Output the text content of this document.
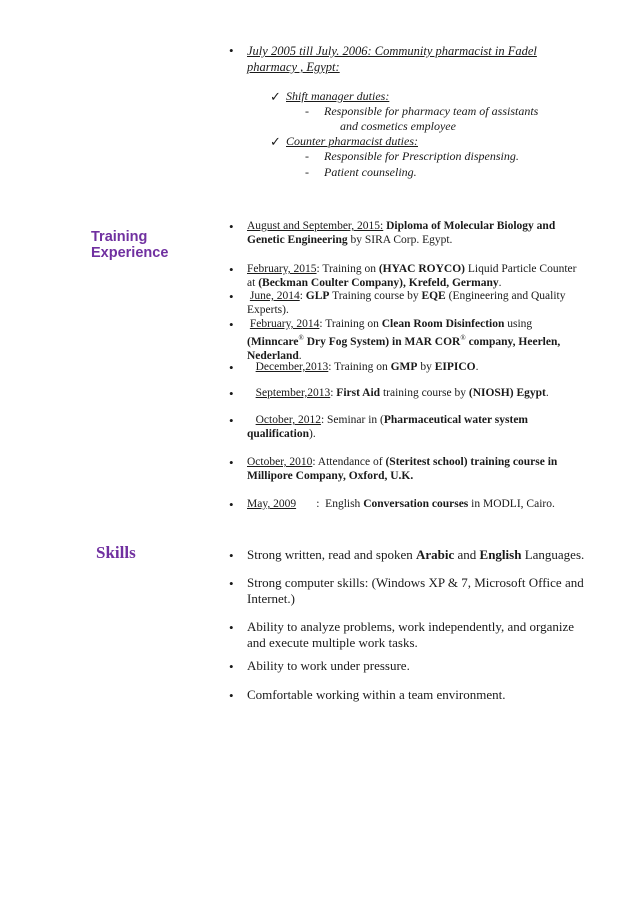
• July 2005 till July. 2006: Community pharmacist in Fadel
pharmacy , Egypt:
✓ Shift manager duties:
- Responsible for pharmacy team of assistants
and cosmetics employee
✓ Counter pharmacist duties:
- Responsible for Prescription dispensing.
- Patient counseling.
Training
Experience
• August and September, 2015: Diploma of Molecular Biology and
Genetic Engineering by SIRA Corp. Egypt.
• February, 2015: Training on (HYAC ROYCO) Liquid Particle Counter
at (Beckman Coulter Company), Krefeld, Germany.
• June, 2014: GLP Training course by EQE (Engineering and Quality
Experts).
• February, 2014: Training on Clean Room Disinfection using
(Minncare® Dry Fog System) in MAR COR® company, Heerlen,
Nederland.
•	December,2013: Training on GMP by EIPICO.
•	September,2013: First Aid training course by (NIOSH) Egypt.
•	October, 2012: Seminar in (Pharmaceutical water system
qualification).
• October, 2010: Attendance of (Steritest school) training course in
Millipore Company, Oxford, U.K.
• May, 2009       :  English Conversation courses in MODLI, Cairo.
Skills	• Strong written, read and spoken Arabic and English Languages.
• Strong computer skills: (Windows XP & 7, Microsoft Office and
Internet.)
• Ability to analyze problems, work independently, and organize
and execute multiple work tasks.
• Ability to work under pressure.
• Comfortable working within a team environment.
